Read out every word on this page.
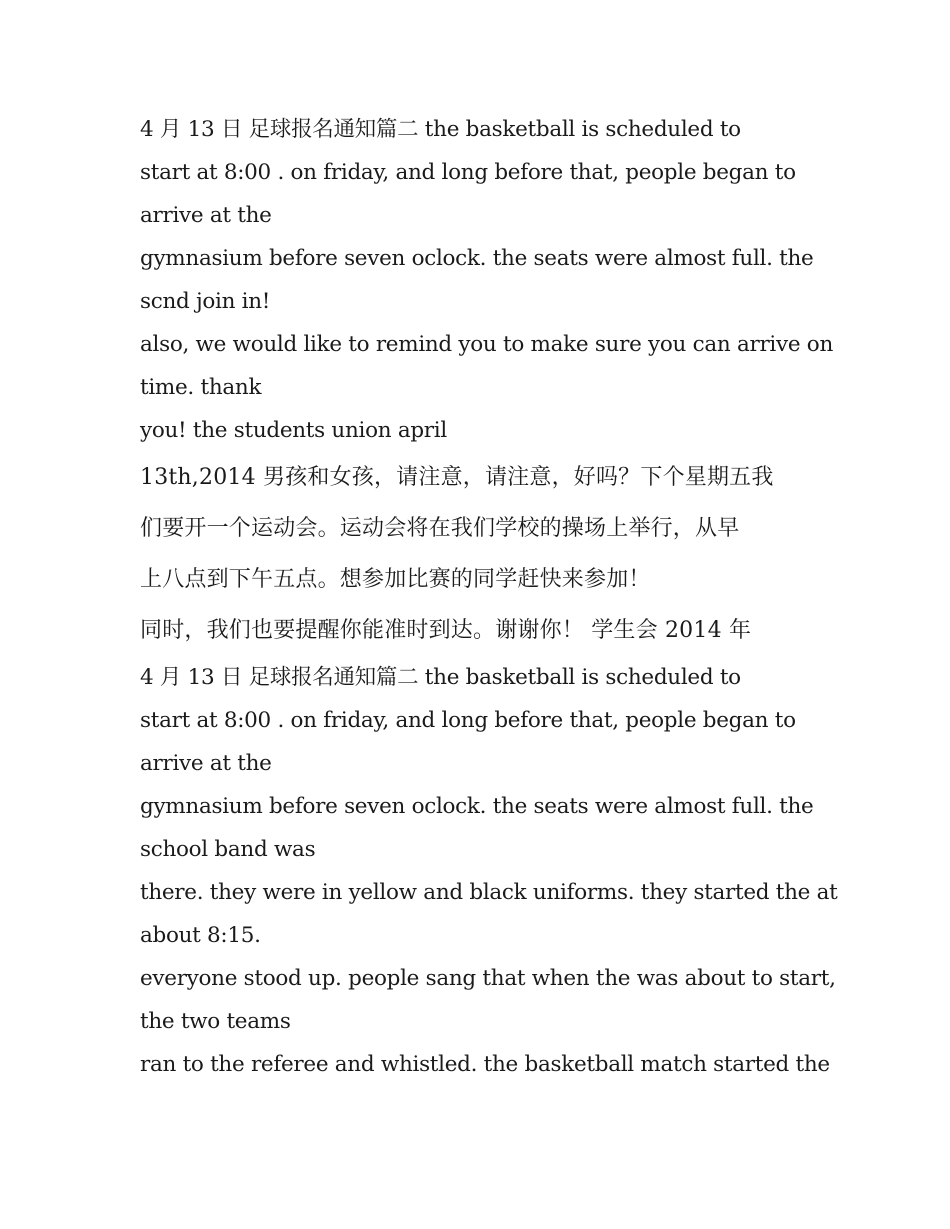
4 月 13 日 足球报名通知篇二 the basketball is scheduled to
start at 8:00 . on friday, and long before that, people began to
arrive at the
gymnasium before seven oclock. the seats were almost full. the
scnd join in!
also, we would like to remind you to make sure you can arrive on
time. thank
you! the students union april
13th,2014 男孩和女孩，请注意，请注意，好吗？下个星期五我
们要开一个运动会。运动会将在我们学校的操场上举行，从早
上八点到下午五点。想参加比赛的同学赶快来参加！
同时，我们也要提醒你能准时到达。谢谢你！ 学生会 2014 年
4 月 13 日 足球报名通知篇二 the basketball is scheduled to
start at 8:00 . on friday, and long before that, people began to
arrive at the
gymnasium before seven oclock. the seats were almost full. the
school band was
there. they were in yellow and black uniforms. they started the at
about 8:15.
everyone stood up. people sang that when the was about to start,
the two teams
ran to the referee and whistled. the basketball match started the
